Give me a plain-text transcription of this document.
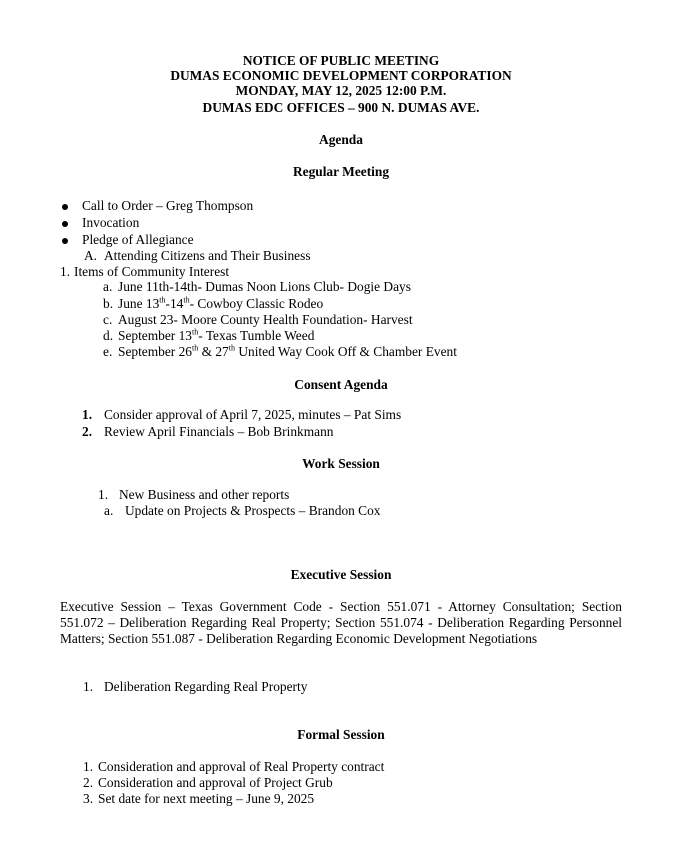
NOTICE OF PUBLIC MEETING
DUMAS ECONOMIC DEVELOPMENT CORPORATION
MONDAY, MAY 12, 2025 12:00 P.M.
DUMAS EDC OFFICES – 900 N. DUMAS AVE.
Agenda
Regular Meeting
Call to Order – Greg Thompson
Invocation
Pledge of Allegiance
A. Attending Citizens and Their Business
1. Items of Community Interest
a. June 11th-14th- Dumas Noon Lions Club- Dogie Days
b. June 13th-14th- Cowboy Classic Rodeo
c. August 23- Moore County Health Foundation- Harvest
d. September 13th- Texas Tumble Weed
e. September 26th & 27th United Way Cook Off & Chamber Event
Consent Agenda
1. Consider approval of April 7, 2025, minutes – Pat Sims
2. Review April Financials – Bob Brinkmann
Work Session
1. New Business and other reports
a. Update on Projects & Prospects – Brandon Cox
Executive Session
Executive Session – Texas Government Code - Section 551.071 - Attorney Consultation; Section 551.072 – Deliberation Regarding Real Property; Section 551.074 - Deliberation Regarding Personnel Matters; Section 551.087 - Deliberation Regarding Economic Development Negotiations
1. Deliberation Regarding Real Property
Formal Session
1. Consideration and approval of Real Property contract
2. Consideration and approval of Project Grub
3. Set date for next meeting – June 9, 2025
